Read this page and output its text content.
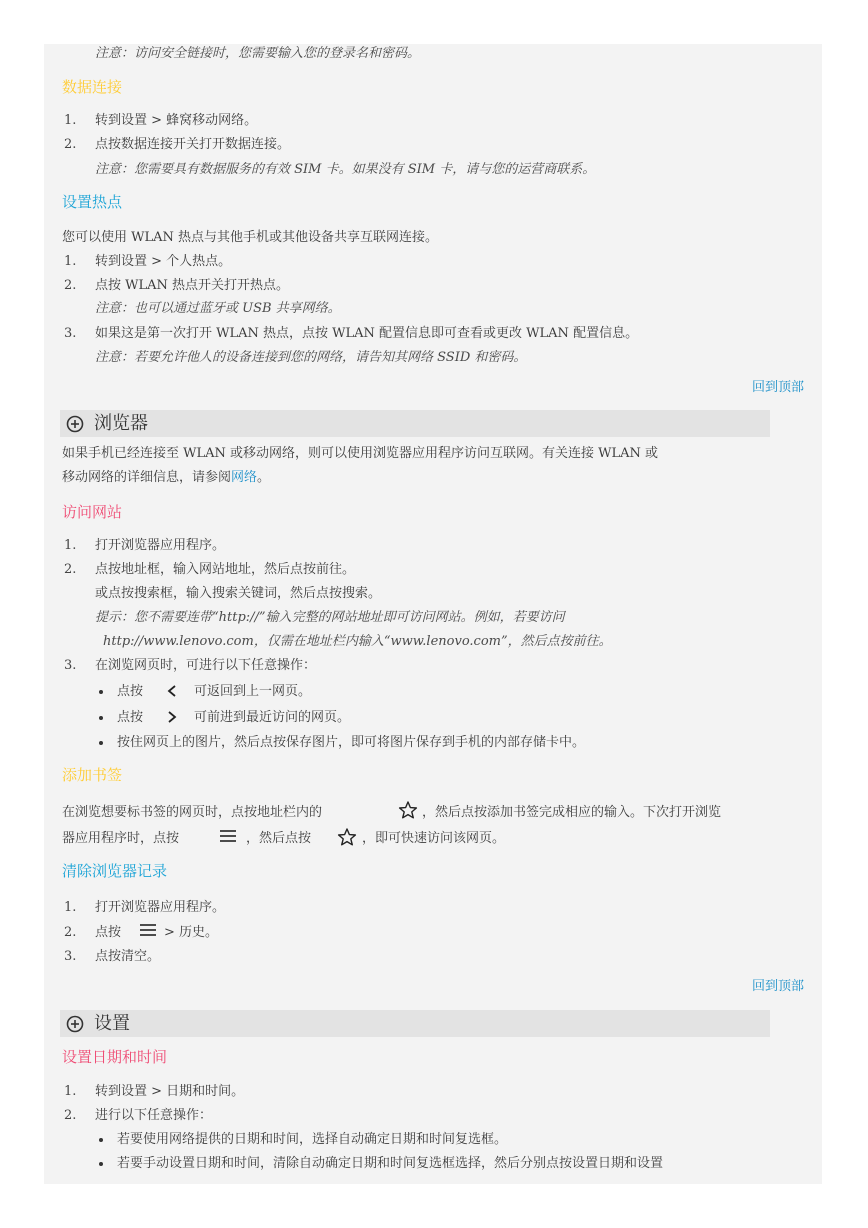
注意：访问安全链接时，您需要输入您的登录名和密码。
数据连接
1. 转到设置 > 蜂窝移动网络。
2. 点按数据连接开关打开数据连接。
注意：您需要具有数据服务的有效 SIM 卡。如果没有 SIM 卡，请与您的运营商联系。
设置热点
您可以使用 WLAN 热点与其他手机或其他设备共享互联网连接。
1. 转到设置 > 个人热点。
2. 点按 WLAN 热点开关打开热点。
注意：也可以通过蓝牙或 USB 共享网络。
3. 如果这是第一次打开 WLAN 热点，点按 WLAN 配置信息即可查看或更改 WLAN 配置信息。
注意：若要允许他人的设备连接到您的网络，请告知其网络 SSID 和密码。
回到顶部
浏览器
如果手机已经连接至 WLAN 或移动网络，则可以使用浏览器应用程序访问互联网。有关连接 WLAN 或
移动网络的详细信息，请参阅网络。
访问网站
1. 打开浏览器应用程序。
2. 点按地址框，输入网站地址，然后点按前往。
或点按搜索框，输入搜索关键词，然后点按搜索。
提示：您不需要连带“http://”输入完整的网站地址即可访问网站。例如，若要访问
http://www.lenovo.com，仅需在地址栏内输入“www.lenovo.com”，然后点按前往。
3. 在浏览网页时，可进行以下任意操作：
点按	可返回到上一网页。
点按	可前进到最近访问的网页。
按住网页上的图片，然后点按保存图片，即可将图片保存到手机的内部存储卡中。
添加书签
在浏览想要标书签的网页时，点按地址栏内的	，然后点按添加书签完成相应的输入。下次打开浏览
器应用程序时，点按	，然后点按	，即可快速访问该网页。
清除浏览器记录
1. 打开浏览器应用程序。
2. 点按	> 历史。
3. 点按清空。
回到顶部
设置
设置日期和时间
1. 转到设置 > 日期和时间。
2. 进行以下任意操作：
若要使用网络提供的日期和时间，选择自动确定日期和时间复选框。
若要手动设置日期和时间，清除自动确定日期和时间复选框选择，然后分别点按设置日期和设置
